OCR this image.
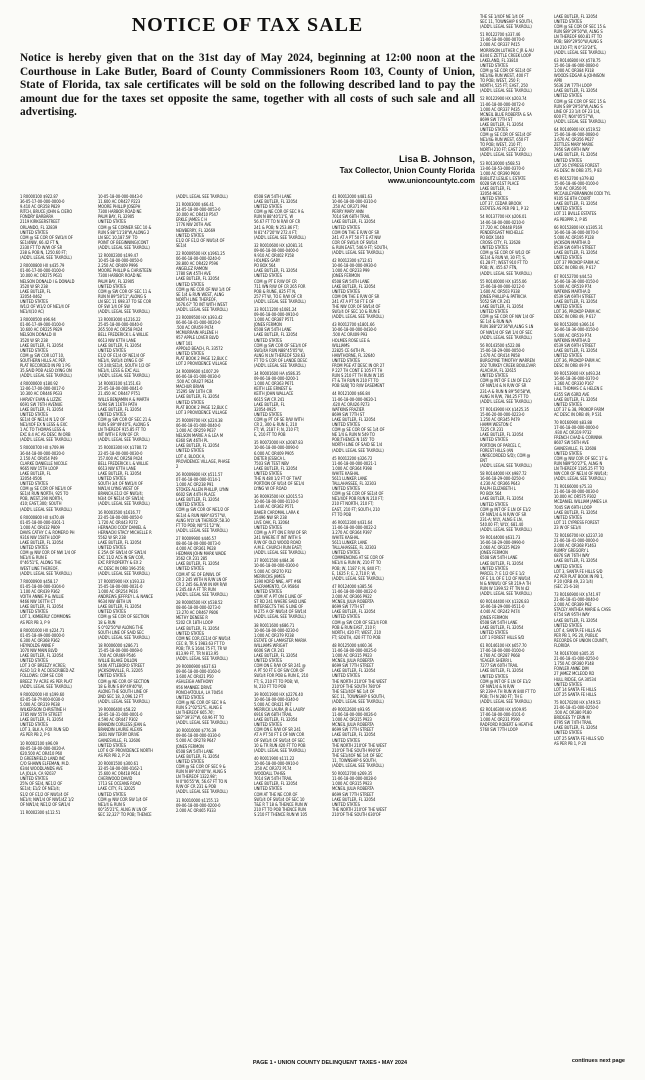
NOTICE OF TAX SALE

Notice is hereby given that on the 31st day of May 2024, beginning at 12:00 noon at the Courthouse in Lake Butler, Board of County Commissioners Room 103, County of Union, State of Florida, tax sale certificates will be sold on the following described land to pay the amount due for the taxes set opposite the same, together with all costs of such sale and all advertising.

Lisa B. Johnson,
Tax Collector, Union County Florida
www.unioncountytc.com

1 R0000100 $922.87
36-05-17-00-000-0000-0
9.410 AC OR358 P829
RITCH, BRUCE JOHN & CIERO
FONDRY BARBARA
2119 KIRKGERSTREET
ORLANDO, FL 32839
UNITED STATES
COM @ SE COR OF SW1/4 OF
SE1/4NW, 66.42 FT N,
2330 FT TO W/W OF SR
238 & POB N, 1250.60 FT;
(ADD'L LEGAL SEE TAXROLL)

2 R0000800 HX $435.79
01-06-17-00-000-0100-0
10.000 AC OR275 P631
NELSON DONALD I & DONALD
3520 W SR 238
LAKE BUTLER, FL
32054-0462
UNITED STATES
W1/2 OF W1/2 OF NE1/4 OF
NE1/4(10 AC)

3 R0000500 $96.94
01-06-17-49-000-0100-0
10.600 AC OR225 P829
NELSON DONALD III
3520 W SR 238
LAKE BUTLER, FL 32054
UNITED STATES
COM @ SW COR LOT 10,
SOUTHERN HILLS AC PER
PLAT RECORDED IN PB 1 PG
35,SAID POB ALSO LYING ON
(ADD'L LEGAL SEE TAXROLL)

4 R0000600 $180.92
12-06-17-00-000-0017-0
10.300 AC OR446 P633
HARVEY EVAN & LIZZIE
6691 SW 76TH AVENUE
LAKE BUTLER, FL 32054
UNITED STATES
SE1/4 OF NE1/4 N 1/2 OF
NE1/4OF EX N LESS & EXC
1 AC TO THOMAS LESS &
EXC 8.4 AC AS DESC IN ORB
(ADD'L LEGAL SEE TAXROLL)

5 R0000700 HX $709.99
36-04-18-00-000-0020-0
2.150 AC OR454 P49
CLARKE DANIELLE NICOLE
9665 NW 15TH LOOP
LAKE BUTLER, FL
32054-0506
UNITED STATES
COM @ SE COR OF NE1/4 OF
SE1/4 RUN NORTH, 925 TO
POB, WEST,290 NORTH,
410; EAST,300; SOUTH
(ADD'L LEGAL SEE TAXROLL)

6 R0000800 HX $470.49
01-05-18-00-000-0301-1
1.000 AC OR432 P809
DAVIS CATHY C & ROMERO PH
9316 NW 158TH LOOP
LAKE BUTLER, FL 32054
UNITED STATES
COM @ NW COR OF NW 1/4 OF
NE1/4 & RUN E
0°46'51"E, ALONG THE
WEST LINE THEREOF,
(ADD'L LEGAL SEE TAXROLL)

7 R0000900 $458.17
01-05-18-00-000-0304-0
1.100 AC OR439 P362
VOITH ANNIE P & WILLIE
9466 NW 167TH CT
LAKE BUTLER, FL 32054
UNITED STATES
LOT 1, KIMBERLY COMMONS
AS PER PB 3, P 9

8 R0001000 HX $224.71
01-05-18-49-000-0000-0
6.300 AC OR368 P362
HEYNOLDS ANNE F
1070 NW MAIN BLVD
LAKE BUTLER, FL 32054
UNITED STATES
LOT 3 OF BREEZY ACRES;
ALSO 1/2 R AC DESCRIBED AZ
FOLLOWS: COM SE COR
BREEZ 7V ACRE AS PER PLAT
(ADD'L LEGAL SEE TAXROLL)

9 R0002000 HX $199.60
02-05-18-7Y-000-0030-0
5.000 AC OR319 P638
WILKERSON CHRISTINE H
3785 NW 55TH STREET
LAKE BUTLER, FL 32054
UNITED STATES
LOT 3, BLK A, FOX RUN S/D
AS PER PB 2, P 6

10 R0002100 $96.09
08-05-18-00-000-0020-A
620.500 AC OR410 P60
D GREENFIELD LAND INC
C/O SHAWN ELFEMAN, M.D.
6344 WOODLANDS AVE
LA JOLLA, CA 92037
UNITED STATES
25% OF SE/4, NE1/2 OF
SE1/4; E1/2 OF NE1/4;
S1/2 OF E1/2 OF NW1/4 OF
NE1/4; NW1/4 OF NW1/4Z 1/2
OF NW1/4; NE1/2 OF SW1/4

11 R0002300 $112.51

10-05-18-00-000-0043-0
11.600 AC OR427 P223
MOORE PHILLIP JOSEPH
7300 HARBOR ROAD NE
PALM BAY, FL 32905
UNITED STATES
COM @ SE CORNER SEC 10 &
RUN S 88°11'28"W,ALONG 2
LN SEC 10,187.59' TO
POINT OF BEGINNING(CONT
(ADD'L LEGAL SEE TAXROLL)

12 R0002300 $199.47
10-05-18-00-000-0050-0
2.250 AC OR409 P996
MOORE PHILLIP & CHRISTEEN
7300 HARBOR ROAD NE
PALM BAY, FL 32905
UNITED STATES
COM @ SW COR OF SEC 11 &
RUN N 89°58'11",ALONG S
LN SEC 11 698.37 TO SE COR
OF SW 1/4 OF SW
(ADD'L LEGAL SEE TAXROLL)

13 R0003000 $1216.22
25-05-18-00-000-0040-0
265.500 AC OR258 P424
BELL FREDERICK L & WILLIE
6613 NW 67TH LANE
LAKE BUTLER, FL 32054
UNITED STATES
E1/2 OF E1/4 OF NE1/4 OF
NE1/4, SW1/4 LYING E OF
CR 240;SE1/4, SOUTH 1/2 OF
NE1/4, LESS & EXC ALL
(ADD'L LEGAL SEE TAXROLL)

14 R0003100 $1151.63
25-05-18-00-000-0041-0
21.450 AC OR447 P751
WILLS BENJAMIN A & MARTH
5094 SW 116TH PATH
LAKE BUTLER, FL 32054
UNITED STATES
COM @ SW COR OF SEC 21 &
RUN S 89°49'40"E, ALONG S
LN THEREOF 915.85 FT TO
INT WITH E R/W OF CR
(ADD'L LEGAL SEE TAXROLL)

15 R0003300 HX $1780.72
22-05-18-00-000-0030-0
157.000 AC OR258 P424
BELL FREDERICK L & WILLIE
6613 NW 67TH LANE
LAKE BUTLER, FL 32054
UNITED STATES
SOUTH 3/4 OF NW1/4 OF
NW1/4 LYING WEST OF
BRANCH,E1/2 OF NW1/4;
N3/4 OF NE1/4 OF SW1/4;
(ADD'L LEGAL SEE TAXROLL)

16 R0003500 $1616.77
22-05-18-00-000-0050-0
1.720 AC OR443 P272
HERNACKI CODY DANIEL &
HERNACKI STACY MICHELLE R
5562 W SR 238
LAKE BUTLER, FL 32054
UNITED STATES
E 25A OF SW1/4 OF SW1/4
EXC 11/2 ACS IN SW COR,
EXC RR'ROPERTY & EX 2
AC DESC IN ORB 196-256;
(ADD'L LEGAL SEE TAXROLL)

17 R0005900 HX $193.33
15-05-18-00-000-0031-0
1.000 AC OR254 P616
ANDREWS JEFFREY L & NANCE
9634 NW 48TH LN
LAKE BUTLER, FL 32054
UNITED STATES
COM @ SE COR OF SECTION
18 & RUN
S 0°02'50"W ALONG THE
SOUTH LINE OF SAID SEC
(ADD'L LEGAL SEE TAXROLL)

18 R0006000 $286.71
15-05-18-00-000-0069-0
.700 AC OR469 P546
WILLIE BLAKE DILLON
5406 ATTLEBORO STREET
JACKSONVILLE, FL 32205
UNITED STATES
COM @ NE COR OF SECTION
18 & RUN S 89°49'40"W,
ALONG THE SOUTH LINE OF
2ND SEC 18, 2,096.12 FT
(ADD'L LEGAL SEE TAXROLL)

19 R0006400 $58.22
18-05-18-31-000-0001-0
4.590 AC OR447 P302
BRANDIN CORLESS JEAN &
BRANDIN LAURIE ALEXIS
1801 NW TERRY DRIVE
GAINESVILLE, FL 32606
UNITED STATES
LOT 6 OF PROVIDENCE NORTH
AS PER PB 2, P 24

20 R0001500 $300.61
32-05-18-00-000-0162-1
15.600 AC OR418 P614
CHERWOOD DAVID
1713 SE OCEANS ROAD
LAKE CITY, FL 32025
UNITED STATES
COM @ NW COR SW 1/4 OF
NE1/4 & RUN S
00°35'21"E, ALNG W LN OF
SEC 32,327' TO POB; THENCE

(ADD'L LEGAL SEE TAXROLL)

21 R0003000 $66.41
34-05-18-00-000-0053-0
10.000 AC OR410 P547
ERKLE JAMES C H
1776 NW 20TH AVE
NEWBERRY, FL 32669
UNITED STATES
E1/2 OF E1/2 OF NW1/4 OF
SE1/4

22 R0009500 HX $1961.25
06-06-18-00-000-0240-0
28.800 AC OR422 P596
ANGELEZ RAMON
1780 SW 45TH AVE
LAKE BUTLER, FL 32054
UNITED STATES
COM @ NE COR OF NW 1/4 OF
SE 1/4 & RUN WEST, ALNG
NORTH LINE THEREOF,
1676.67' TO INT WITH WEST
(ADD'L LEGAL SEE TAXROLL)

23 R0009500 HX $393.42
06-06-18-01-000-0020-0
.500 AC OR459 P474
MCMURRAIN ARLENE H
957 APPLE LOVER BLVD
UNIT 101
APPOLO BEACH, FL 33572
UNITED STATES
PLAT BOOK 2 PAGE 12,BLK C
LOT 2 PROVIDENCE VILLAGE

24 R0009600 $1007.29
06-06-18-01-000-0030-0
.500 AC OR427 P624
MACHUR BRIAN
15295 SW 10TH CIR
LAKE BUTLER, FL 32054
UNITED STATES
PLAT BOOK 2 PAGE 12,BLK C
LOT 3 PROVIDENCE VILLAGE

25 R0009700 HX $224.38
06-06-18-01-000-0040-0
1.000 AC OR259 P637
NELSON MARIE A & LEA M
6360 SW 46TH PL
LAKE BUTLER, FL 32054
UNITED STATES
LOT 4, BLOCK A,
PROVIDENCE VILLAGE, PHASE
2

26 R0009800 HX $511.57
07-06-18-00-000-0114-1
1.000 AC OR238 P91
STOKES ALLEN PHILLIP, LYNN
6602 SW 44TH PLACE
LAKE BUTLER, FL 32054
UNITED STATES
COM @ SW COR OF NE1/2 OF
SE1/4 & RUN N89°43'57"W,
ALNG N'LY LN THEREOF,58.30
FT TO POB; N0°51'12"W,
(ADD'L LEGAL SEE TAXROLL)

27 R0009900 $446.57
08-06-18-00-000-0073-0
4.000 AC OR361 P628
HEDMAN JOHN MARK WADE
3562 CR 231 285
LAKE BUTLER, FL 32054
UNITED STATES
COM AT SE OF E/NWL OF
CR 2 245 WITH N R/W LN OF
CR 2 245 6&.R/W IN KM R/W
E 245.48 A FT TR RUN
(ADD'L LEGAL SEE TAXROLL)

28 R0006500 HX $538.52
08-06-18-00-000-0273-0
13.270 AC OR467 P806
METHY DENESE R
5202 CR 18TH LOOP
LAKE BUTLER, FL 32054
UNITED STATES
COM NE COR,CE1/4 OF NW1/4
CEC 8, TR S 1983.63 FT TO
POB; TR S 1644.75 FT, TR W
813.99 FT, TR N 813.95
(ADD'L LEGAL SEE TAXROLL)

29 R0006900 $637.63
09-06-18-00-000-0160-0
3.600 AC OR421 P50
ASHLEIGH ANTHONY
956 MANNEE DRIVE
PONCHATOULA, LA 70454
UNITED STATES
COM @ NE COR OF SEC 9 &
RUN S 2°02'52"E, ALNG E
LN THEREOF 665.76';
S87°39'37"W, 60.96 FT TO
(ADD'L LEGAL SEE TAXROLL)

30 R0010000 $776.39
09-06-18-00-000-0330-0
5.000 AC OR278 P647
JONES FERMON
6508 SW 54TH LANE
LAKE BUTLER, FL 32054
UNITED STATES
COM @ SE COR OF SEC 9 &
RUN N 89°40'40"W, ALNG S
LN THEREOF 1322.98';
N 0°06'55"W, 56.67 FT TO N
R/W OF CR 231 & POB
(ADD'L LEGAL SEE TAXROLL)

31 R0010000 $1155.13
09-06-18-00-000-0200-0
2.000 AC OR465 P333

6508 SW 54TH LANE
LAKE BUTLER, FL 32054
UNITED STATES
COM @ NE COR OF SEC 9 &
RUN N 88°40'11"E, W
56.67 FT TO N R/W OF CR
241 & POB; N 253.86 FT;
N 81°47'20"W 272.4 FT;
(ADD'L LEGAL SEE TAXROLL)

32 R0010600 HX $2081.31
09-06-18-00-000-0400-0
9.910 AC OR402 P158
HOLMES GARY
PO BOX 564
LAKE BUTLER, FL 32054
UNITED STATES
COM @ PT E R/W OF CR
711 WN R/W OF CR 265 FOR
POB & RUNE, 825 FT N,
257 FT W, TO E R/W OF CR
(ADD'L LEGAL SEE TAXROLL)

33 R0111200 $1081.24
09-06-18-00-000-0910-0
1.000 AC OR387 P571
JONES FERMON
6508 SW 54TH LANE
LAKE BUTLER, FL 32054
UNITED STATES
COM @ SW COR OF SE1/4 OF
SW1/4A RUN N88°45'05"W,
ALNG N LN THEREOF 528.63
FT TO S COR OF LANDE DESC
(ADD'L LEGAL SEE TAXROLL)

34 R0001600 HA $586.35
09-06-18-00-000-0200-1
1.000 AC OR363 P671
KEITH LEE ERNEST &
KEITH JOHN WALLACE
6615 SW CR 241
LAKE BUTLER, FL
32054-0925
UNITED STATES
COM @ PT OF SE R/W WITH
CR 2, 300 & RUN E, 210
FT; W, 2187 F; N, 210 FT;
E, 210 FT TO POB

35 R0072000 HX $2087.83
10-06-18-00-000-0090-0
6.000 AC OR409 P905
DIETER JESSICA L
7503 SW TEST NBV
LAKE BUTLER, FL 32054
UNITED STATES
THE N 480 1/2 FT OF THAT
PORTION OF W1/4 OF SE1/4
LYING W OF ROAD

36 R0093500 HX $2015.53
10-06-18-00-000-0110-0
1.440 AC OR362 P571
BAKER CAROMAL LARA K
15496 NW SR 238
LIVE OAK, FL 32064
UNITED STATES
COM @ A PT ON E R/W OF SR
241 WHERE IT INT WITH S
R/W OF OLD WOOD ROAD
A.M.E. CHURCH RUN EAST;
(ADD'L LEGAL SEE TAXROLL)

37 R0011500 $484.36
10-06-18-00-000-0300-0
5.000 AC OR270 P32
MERRICKS JAMES
1390 KORD NNE, APT #66
SACRAMENTO, CA 95864
UNITED STATES
COM AT A PT ON E LINE OF
ST RD 241 WHERE SAID LINE
INTERSECTS THE S LINE OF
N 275 A OF NW1/4 OF SW1/4
(ADD'L LEGAL SEE TAXROLL)

38 R0011600 $686.71
10-06-18-00-000-0230-0
1.000 AC OR379 P238
ESTATE OF LAMASTER MARIA
WILLIAMS WRIGHT
6606 SW CR 241
LAKE BUTLER, FL 32054
UNITED STATES
COM ON E R/W OF SR 241 @
A PT 50 FT E OF SW COR OF
SW1/4 FOR POB & RUN E, 210
FT; S, 210 FT TO POB; W,
N, 210 FT TO POB

39 R0011900 HX $2276.40
10-06-18-00-000-0340-0
5.000 AC OR421 P67
MERRICK LAURA JR & LAURY
6916 SW 68TH TRAIL
LAKE BUTLER, FL 32054
UNITED STATES
COM ON E R/W OF SR 241
AT A PT 50 FT E OF NW COR
OF SW1/4 OF SW1/4 OF SEC
10 & TR RUN 420 FT TO POB
(ADD'L LEGAL SEE TAXROLL)

40 R0011900 $111.22
10-06-18-00-000-0910-0
.250 AC OR372 P174
WOODALL TAHSS
7014 SW 54TH TRAIL
LAKE BUTLER, FL 32054
UNITED STATES
COM AT THE NE COR OF
SW1/4 OF SW1/4 OF SEC 10
T&E R T 18 & THENCE RUN W
210 FT TO POB THENCE RUN
S 210 FT THENCE RUN W 105

41 R0012000 $481.63
10-06-18-00-000-0310-0
.250 AC OR371 P94
PERRY MARY ANN
7014 SW 68TH TRAIL
LAKE BUTLER, FL 32054
UNITED STATES
COM ON THE E R/W OF SR
241 AT A PT 50 FT E AT NW
COR OF SW1/4 OF SW1/4
& RUN EAST, 546.9 FT; SOUTH,
(ADD'L LEGAL SEE TAXROLL)

42 R0012300 $712.61
10-06-18-00-000-0930-0
1.000 AC OR233 P99
JONES FERMON
6508 SW 54TH LANE
LAKE BUTLER, FL 32054
UNITED STATES
COM ON THE E R/W OF SR
241 AT A PT 50 FT E OF
THE NW COR OF SW1/4 OF
SW1/4 OF SEC 10 & RUN E
(ADD'L LEGAL SEE TAXROLL)

43 R0012700 $1801.66
10-06-18-00-000-0430-0
.500 AC OR409 P93
HOLMES ROSE LEE &
WILLIAMS
22825 CE 64TH PL
HAWTHORNE, FL 32640
UNITED STATES
FROM PGE AT DESC IN OR 27
P 227 TH CONT E 105 FT TH
RUN S 210 FT TH RUN W 105
FT & TH RUN N 210 FT TO
POB SUBJ TO R/W EASEMENT

44 R0121000 $66.84
11-06-18-00-000-0620-1
.620 AC OR426 P273
WATKINS FRAZIER
8699 SW 77TH ST
LAKE BUTLER, FL 32054
UNITED STATES
COM @ SE COR OF SE 1/4 OF
NE 1/4 & RUN N 549 TO
POB;THENCE N 165' TO
NORTH LINE OF SAID SE 1/4
(ADD'L LEGAL SEE TAXROLL)

45 R0012200 $326.72
11-06-18-00-000-0021-1
1.000 AC OR364 P398
WHITE KASHAL
5611 LUNKER LANE
TALLAHASSEE, FL 32303
UNITED STATES
COM @ SE COR OF SE1/4 OF
NE1/4OF POB RUN N 210 FT;
210 FT NORTH, 210 FT;
EAST, 210 FT; SOUTH, 210
FT TO POB

46 R0012300 $431.64
11-06-18-00-000-0022-2
3.270 AC OR364 P397
WHITE KASHAL
5611 LUNKER LANE
TALLAHASSEE, FL 32303
UNITED STATES
COMMENCING AT SE COR OF
NE1/4 & RUN W, 210 FT TO
POB; W, 1187 F; N, 840 FT;
E, 1625 F; E, 2,710 F; W,
(ADD'L LEGAL SEE TAXROLL)

47 R0124000 $385.56
11-06-18-00-000-0022-0
2.000 AC OR366 P922
MCNEIL JULIA ROBERTA
8699 SW 77TH ST
LAKE BUTLER, FL 32054
UNITED STATES
COM @ SW COR OF SE1/4 FOR
POB & RUN EAST, 210 F;
NORTH, 420 FT; WEST, 210
FT; SOUTH, 420 FT TO POB

48 R0125000 $460.36
11-06-18-00-000-0025-0
1.000 AC OR315 P923
MCNEIL JULIA ROBERTA
8699 SW 77TH STREET
LAKE BUTLER, FL 32054
UNITED STATES
THE NORTH 210'OF THE WEST
210'OF THE SOUTH 780'OF
THE SE1/4OF NE 1/4 OF
SEC 11, TOWNSHIP 6 SOUTH,
(ADD'L LEGAL SEE TAXROLL)

49 R0012600 $93.95
11-06-18-00-000-0026-0
1.000 AC OR315 P923
MCNEIL JULIA ROBERTA
8699 SW 77TH STREET
LAKE BUTLER, FL 32054
UNITED STATES
THE NORTH 210'OF THE WEST
210'OF THE SOUTH 990'OF
THE SE1/4OF NE 1/4 OF SEC
11, TOWNSHIP 6 SOUTH,
(ADD'L LEGAL SEE TAXROLL)

50 R0012700 $269.35
11-06-18-00-000-0028-0
1.000 AC OR315 P923
MCNEIL JULIA ROBERTA
8699 SW 77TH STREET
LAKE BUTLER, FL 32054
UNITED STATES
THE NORTH 210'OF THE WEST
210'OF THE SOUTH 630'OF

THE SE 1/4OF NE 1/4 OF
SEC 11, TOWNSHIP 6 SOUTH,
(ADD'L LEGAL SEE TAXROLL)

51 R0122700 $337.46
11-06-18-00-000-0070-0
2.000 AC OR337 P415
MORRISON LUTHER C JR & AU
8344 E ZETTLE CREEK LOOP
LAKELAND, FL 33810
UNITED STATES
COM @ SE COR OF SE1/4 OF
NE1/4& RUN WEST, 400 FT
TO POB; WEST, 250 F;
NORTH, 525 FT; EAST, 250
(ADD'L LEGAL SEE TAXROLL)

52 R0122900 HX $203.74
11-06-18-00-000-0072-0
1.000 AC OR337 P435
MCNEIL BLUE ROBERTA & SA
8699 SW 77TH ST
LAKE BUTLER, FL 32054
UNITED STATES
COM @ SE COR OF SE1/4 OF
NE1/4& RUN WEST, 650 FT
TO POB; WEST, 210 FT;
NORTH 210 FT; EAST 210
(ADD'L LEGAL SEE TAXROLL)

53 R0130000 $568.53
13-06-18-53-000-0370-0
1.000 AC OR390 P604
BUBLITZ LESLIE L ESTATE
6028 SW 61ST PLACE
LAKE BUTLER, FL
32054-9631
UNITED STATES
LOT 37, CEDAR BROOK
ESTATES AS PER PB 1, P 32

54 R0137700 HX $206.01
14-06-18-00-000-0210-0
17.720 AC OR448 P169
PENDERGAST MICHELLE
PO BOX 1040
CROSS CITY, FL 32628
UNITED STATES
COM @ SE COR OF W1/2 OF
SE1/4 & RUN W, 30 FT; S,
61.28 FT; WEST 910 FT TO
POB; W, 455.67 FTN,
(ADD'L LEGAL SEE TAXROLL)

55 R0140000 HX $355.06
15-06-18-00-000-0212-0
1.600 AC OR503 P338
JONES PHILLIP & PATRICIA
5052 SW CR 241
LAKE BUTLER, FL 32054
UNITED STATES
COM @ SE COR OF NW 1/4 OF
SE 1/4 & RUN N/A
RUN 388°22'36"W,ALNG S LN
OF NW1/4 OF SW 1/4 OF SEC
(ADD'L LEGAL SEE TAXROLL)

56 R0143500 $522.08
15-06-18-29-000-0050-0
1.670 AC OR414 P858
BURGOYNE TIMOTHY WARREN
202 TURKEY CREEK BOULEVAR
ALACHUA, FL 32615
UNITED STATES
COM @ INT OF E LN OF E1/2
OF NW1/4 & N R/W OF SR
231-A & RUN N 89°56'58"W,
ALNG N R/W, 784.25 FT TO
(ADD'L LEGAL SEE TAXROLL)

57 R0143900 HX $1425.35
15-06-20-00-000-0223-0
1.250 AC OR345 P479
HAMM WESTON C
7225 CR 231
LAKE BUTLER, FL 32054
UNITED STATES
PORTION OF PARCEL C,
FOREST HILLS (AN
UNRECORDED S/D); COM @
ENT
(ADD'L LEGAL SEE TAXROLL)

58 R0144000 HX $987.72
16-06-18-29-000-0250-0
4.230 AC OR366 P643
RALPH ELIZABETH L
PO BOX 564
LAKE BUTLER, FL 32054
UNITED STATES
COM @ INT OF E LN OF E1/2
OF NW1/4 & N R/W OF SR
231-A; N'LY, ALNG E LN,
540.00 FT; W'LY, 681.40
(ADD'L LEGAL SEE TAXROLL)

59 R0144000 $631.73
16-06-18-29-000-0990-0
2.060 AC OR325 P629
JONES FERMON
6508 SW 54TH LANE
LAKE BUTLER, FL 32054
UNITED STATES
PARCEL 7: E 1/2 OF E 1/2
OF E 1/L OF E 1/2 OF NW1/4
N & N'NW1/ OF SR 219-A TH
RUN W 1399.52 FT TN N 42
(ADD'L LEGAL SEE TAXROLL)

60 R0144400 HX $1326.83
16-06-18-29-000-0511-0
4.040 AC OR242 P474
JONES FERMON
6508 SW 54TH LANE
LAKE BUTLER, FL 32054
UNITED STATES
LOT 1 FOREST HILLS S/D

61 R0146100 HX $657.70
17-06-18-00-000-0100-0
4.760 AC OR287 P668
YEAGER SHERRI L
7277 SW 60TH TRAIL
LAKE BUTLER, FL 32054
UNITED STATES
COM @ INT OF E LN OF E1/2
OF NW1/4 & N R/W
SR 239-A TH RUN W 840 FT TO
POB; TH N 280 FT; TH E
(ADD'L LEGAL SEE TAXROLL)

62 R0146300 HX $509.95
17-06-18-00-000-0101-0
1.000 AC OR231 P590
RADFORD ROBERT & HEATHE
5760 SW 77TH LOOP

LAKE BUTLER, FL 32054
UNITED STATES
COM @ SE COR OF SEC 15 &
RUN S89°29'50"W, ALNG S
LN THEREOF 660.81 FT TO
POB; S89°29'50"W,ALNG S
LN 210 FT; N 0°33'24"E,
(ADD'L LEGAL SEE TAXROLL)

63 R0146800 HX $578.75
15-06-18-46-000-0080-0
1.000 AC OR384 P318
WOODS EDGAR & JOHNSON
APRI
5636 2W 77TH LOOP
LAKE BUTLER, FL 32054
UNITED STATES
COM @ SE COR OF SEC 15 &
RUN S 89°29'50"W,ALNG S
LINE OF 23 1/4 OF 23 1/4,
600 FT; N04°05'57"W,
(ADD'L LEGAL SEE TAXROLL)

64 R0146900 HX $519.52
15-06-18-46-000-0080-0
3.670 AC OR356 P627
ZETTLES MARY MARIE
7956 SW 69TH WAY
LAKE BUTLER, FL 32054
UNITED STATES
LOT 26 CYPRESS FOREST
AS DESC IN ORB 375, P 83

65 R0152700 $379.82
15-06-18-46-000-0100-0
.500 AC OR350 P1
MCCAULEY-BRANNON CODI TYL
9105 SE 8TH COURT
LAKE BUTLER, FL 32054
UNITED STATES
LOT 11 BVILLE ESTATES
AS PB3PPR 2, P 85

66 R0152800 HX $1305.31
16-06-18-36-000-0070-0
5.000 AC OR195 P128
JACKSON MARTHA D
6539 SW 69TH STREET
LAKE BUTLER, FL 32054
UNITED STATES
LOT 37 PROKOP FARM AC
DESC IN ORB 49, P 617

67 R0152700 $44.53
16-06-18-36-000-0150-0
5.000 AC OR519 P74
WATKINS MARTHA D
6539 SW 69TH STREET
LAKE BUTLER, FL 32054
UNITED STATES
LOT 36, PROKOP FARM AC
DESC IN ORB 49, P 617

68 R0152800 $366.16
16-06-18-36-000-0150-0
5.000 AC OR519 P74
WATKINS MARTHA D
6539 SW 69TH STREET
LAKE BUTLER, FL 32054
UNITED STATES
LOT 36, PROKOP FARM AC
DESC IN ORB 49 P 6

69 R0153900 HX $493.24
16-06-18-36-000-0370-0
1.360 AC OR330 P167
HILL THOMAS C & HELEN E
6355 SW 63RD AVE
LAKE BUTLER, FL 32054
UNITED STATES
LOT 37 & 38, PROKOP FARM
AC DESC IN ORB 49, P 531

70 R0160900 $83.88
17-06-18-00-000-0000-0
.930 AC OR319 P732
FRENCH CHAD & CORINNA
8607 SW 56TH AVE
GAINESVILLE, FL 32608
UNITED STATES
COM @ NW COR OF SEC 17 &
RUN N89°50'27"E, ALNG N
LN THEREOF 1185.25 FT TO
NW COR OF NE1/4 OF NW1/4;
(ADD'L LEGAL SEE TAXROLL)

71 R0166000 $75.33
21-06-18-00-000-0030-0
10.000 AC OR575 P302
MCDANIEL WILLIAM JAMES LA
7045 SW 69TH LOOP
LAKE BUTLER, FL 32054
UNITED STATES
LOT 11 CYPRESS FOREST
23 W OF SE1/4

72 R0166700 HX $2237.30
21-06-18-41-000-0000-0
2.000 AC OR368 P1463
RUMRY GREGORY L
6876 SW 76TH WAY
LAKE BUTLER, FL 32054
UNITED STATES
LOT 3, SANTA FE HILLS S/D
AZ PER PLAT BOOK IN PB 1,
P 20 (ORB 49, 23 1/4)
(SEC 21-6-18)

73 R0166900 HX $741.97
21-06-18-41-000-0040-0
2.000 AC OR389 P62
STACEY ANTHEA MARIE & CASS
6754 SW 95TH WAY
LAKE BUTLER, FL 32054
UNITED STATES
LOT 4, SANTA FE HILLS AS
PER PB 1, PG 20, PUBLIC
RECORDS OF UNION COUNTY,
FLORIDA

74 R0167000 $305.35
21-06-18-41-000-0250-0
1.750 AC OR380 P148
FOWLER ANNE DIM
27 JAMEZ MCLEOD RD
HULL RIDGE, GA 30534
UNITED STATES
LOT 14 SANTA FE HILLS
LOT 25 SANTA FE HILLS

75 R0170200 HX $749.53
21-06-18-41-000-0250-0
.500 AC OR380 P180
BRIDGES TY ERIN M
6795 SW 74TH TRAIL
LAKE BUTLER, FL 32054
UNITED STATES
LOT 25 SANTA FE HILLS S/D
AS PER PB 1, P 20

PAGE 1 • UNION COUNTY DELINQUENT TAXES • MAY 2024	continues next page
